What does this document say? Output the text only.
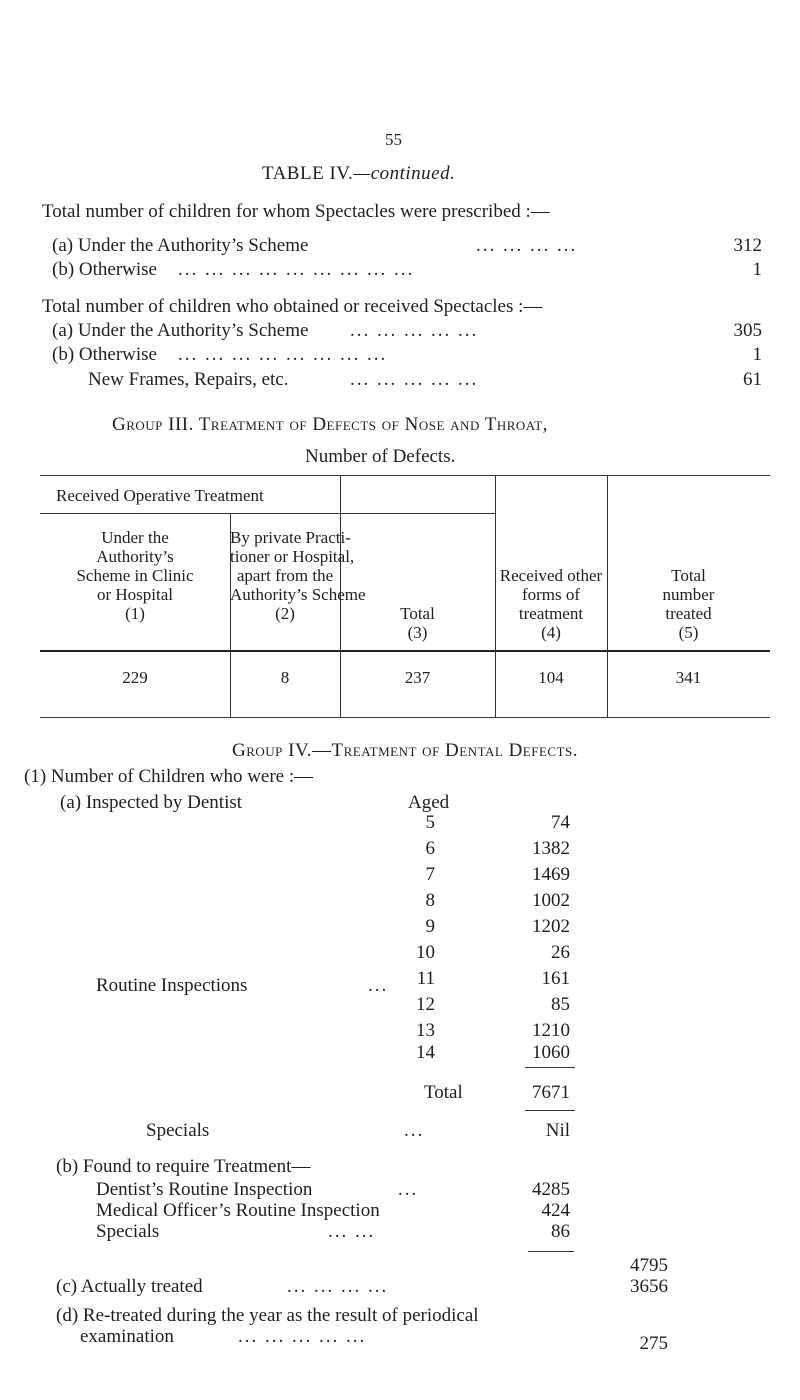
55
TABLE IV.—continued.
Total number of children for whom Spectacles were prescribed :—
(a) Under the Authority’s Scheme	... ... ... ...	312
(b) Otherwise ... ... ... ... ... ... ... ... ...	1
Total number of children who obtained or received Spectacles :—
(a) Under the Authority’s Scheme ... ... ... ... ...	305
(b) Otherwise ... ... ... ... ... ... ... ...	1
New Frames, Repairs, etc.	... ... ... ... ...	61
Group III. Treatment of Defects of Nose and Throat,
Number of Defects.
Received Operative Treatment
Under the
Authority’s
Scheme in Clinic
or Hospital
(1)
By private Practi-
tioner or Hospital,
apart from the
Authority’s Scheme
(2)	Total
(3)
Received other
forms of
treatment
(4)
Total
number
treated
(5)
229	8	237	104	341
Group IV.—Treatment of Dental Defects.
(1) Number of Children who were :—
(a) Inspected by Dentist	Aged
5	74
6	1382
7	1469
8	1002
9	1202
10	26
11	161
12	85
13	1210
14	1060
Routine Inspections	...
Total	7671
Specials	...	Nil
(b) Found to require Treatment—
Dentist’s Routine Inspection	...	4285
Medical Officer’s Routine Inspection	424
Specials	... ...	86
4795
(c) Actually treated	... ... ... ...	3656
(d) Re-treated during the year as the result of periodical
examination	... ... ... ... ...	275
